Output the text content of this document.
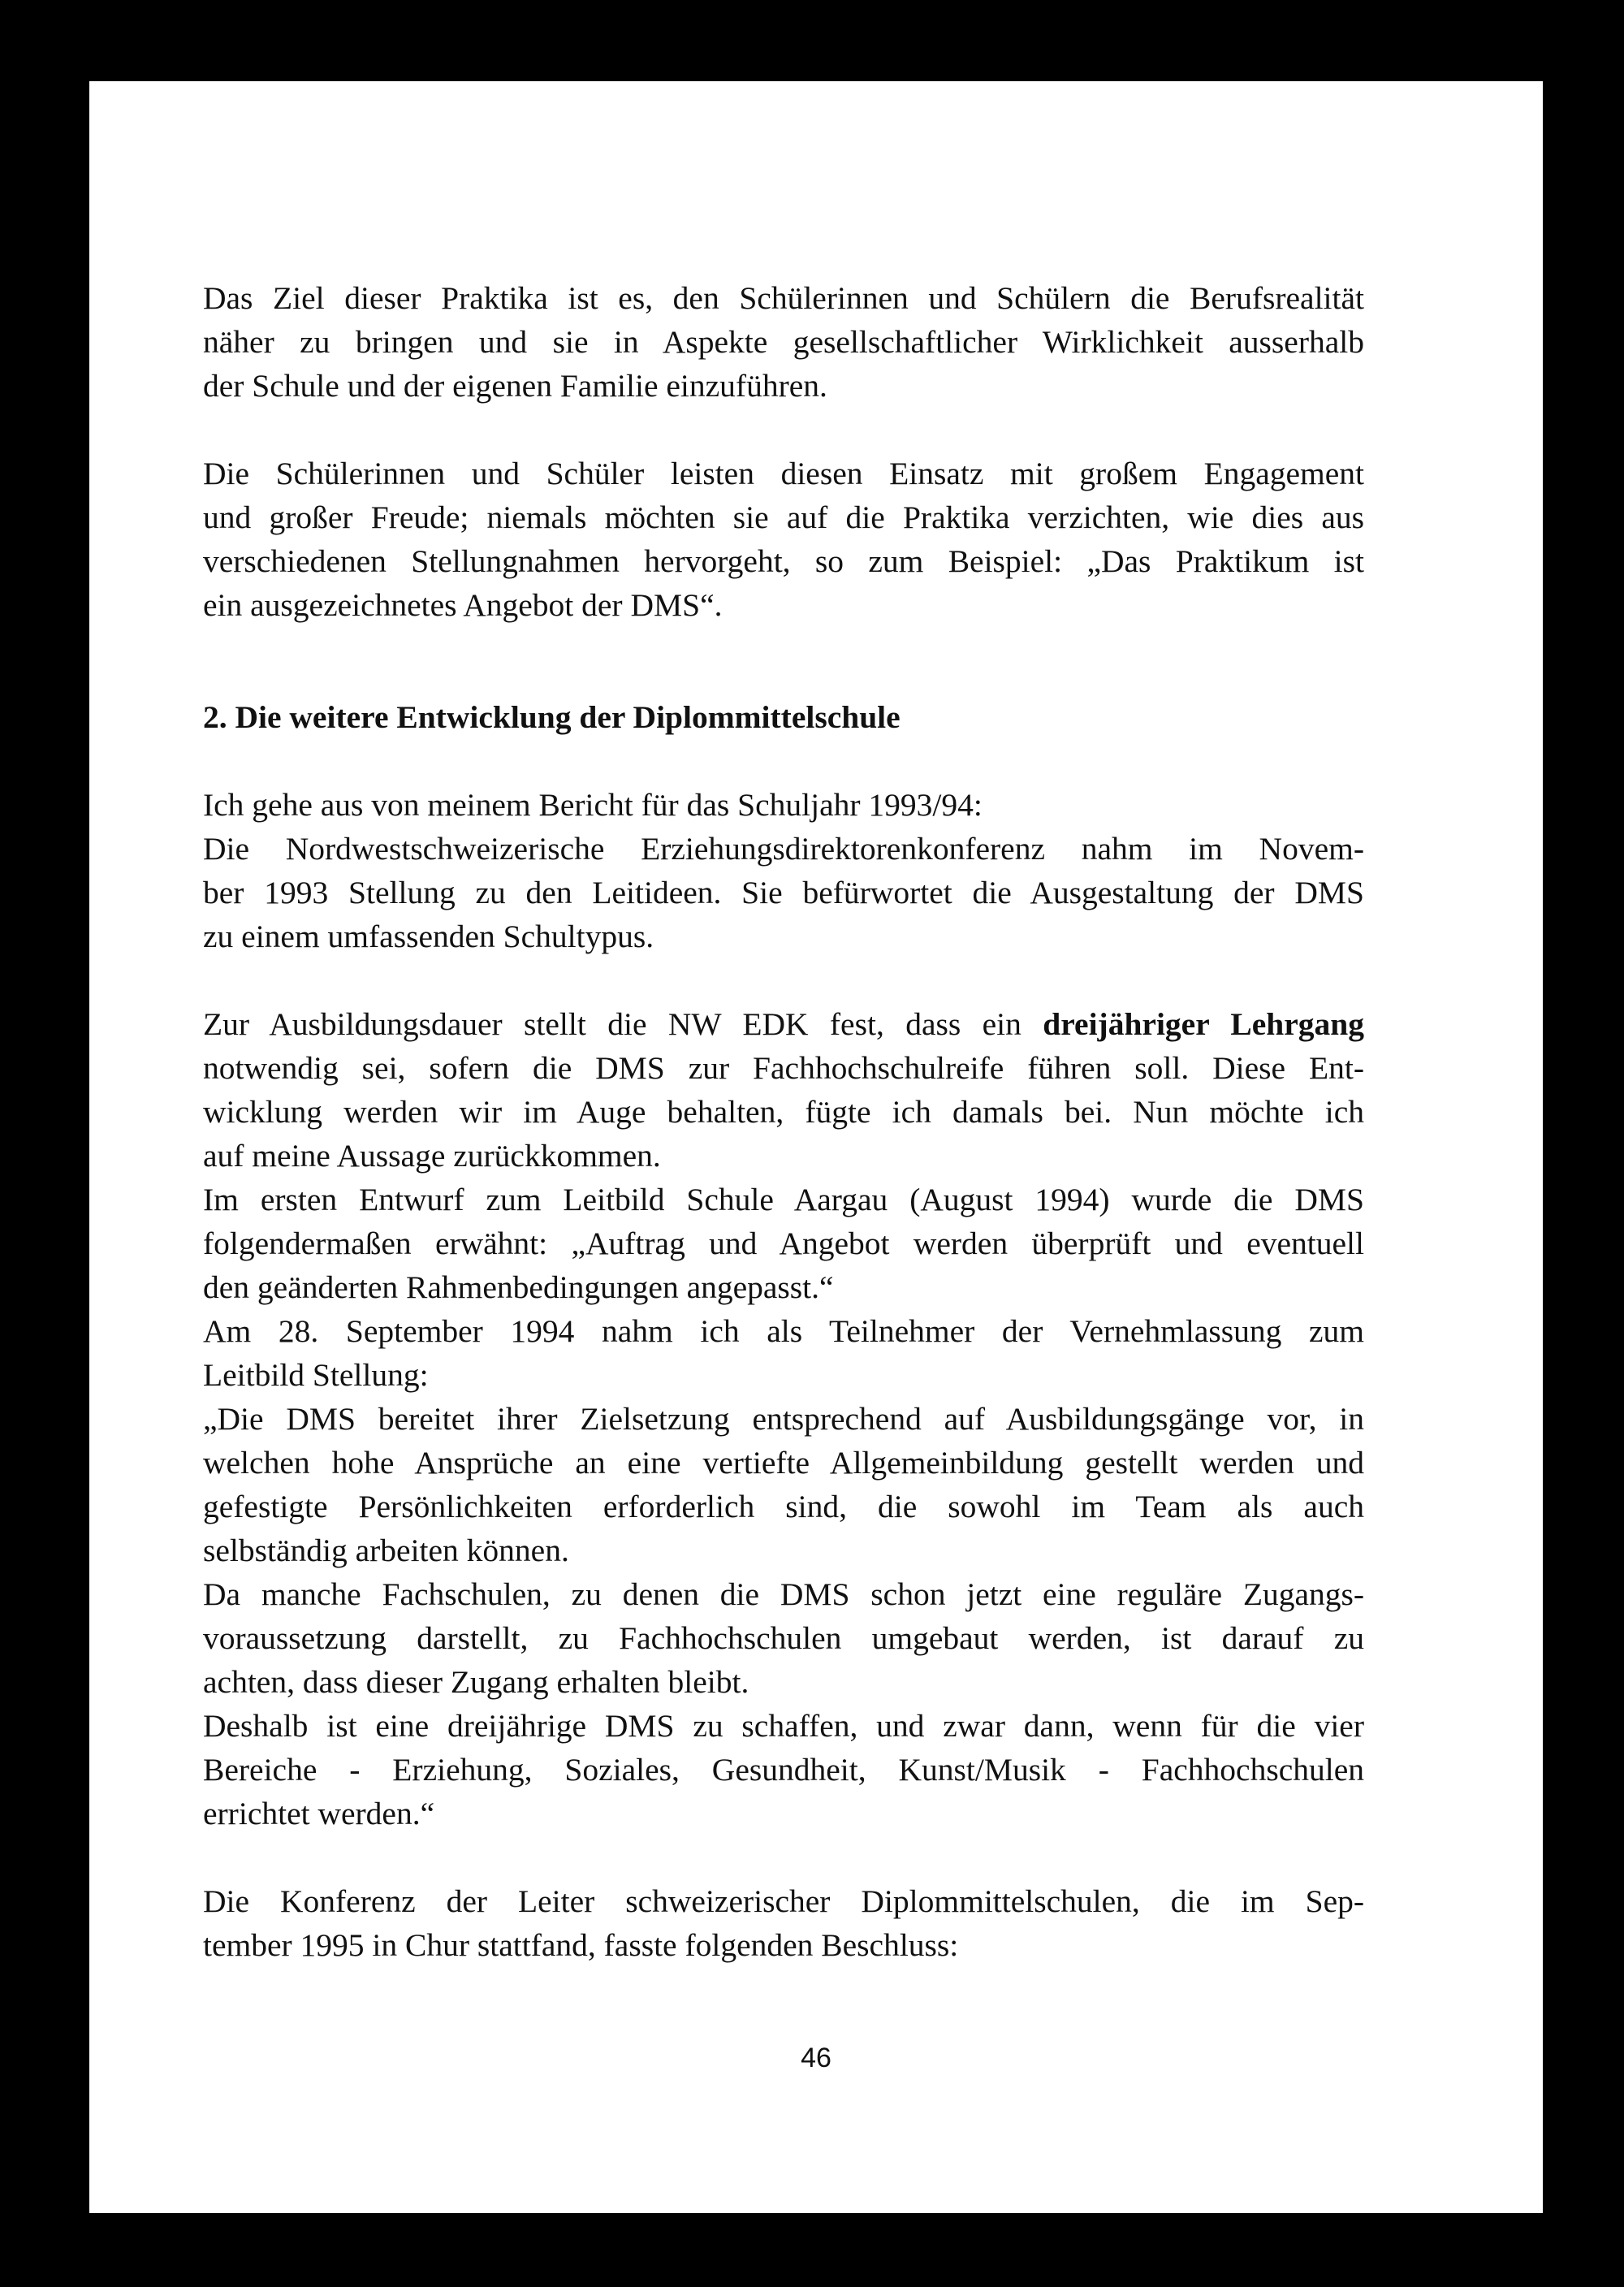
Das Ziel dieser Praktika ist es, den Schülerinnen und Schülern die Berufsrealität
näher zu bringen und sie in Aspekte gesellschaftlicher Wirklichkeit ausserhalb
der Schule und der eigenen Familie einzuführen.

Die Schülerinnen und Schüler leisten diesen Einsatz mit großem Engagement
und großer Freude; niemals möchten sie auf die Praktika verzichten, wie dies aus
verschiedenen Stellungnahmen hervorgeht, so zum Beispiel: „Das Praktikum ist
ein ausgezeichnetes Angebot der DMS“.

2. Die weitere Entwicklung der Diplommittelschule

Ich gehe aus von meinem Bericht für das Schuljahr 1993/94:
Die Nordwestschweizerische Erziehungsdirektorenkonferenz nahm im Novem-
ber 1993 Stellung zu den Leitideen. Sie befürwortet die Ausgestaltung der DMS
zu einem umfassenden Schultypus.

Zur Ausbildungsdauer stellt die NW EDK fest, dass ein dreijähriger Lehrgang
notwendig sei, sofern die DMS zur Fachhochschulreife führen soll. Diese Ent-
wicklung werden wir im Auge behalten, fügte ich damals bei. Nun möchte ich
auf meine Aussage zurückkommen.
Im ersten Entwurf zum Leitbild Schule Aargau (August 1994) wurde die DMS
folgendermaßen erwähnt: „Auftrag und Angebot werden überprüft und eventuell
den geänderten Rahmenbedingungen angepasst.“
Am 28. September 1994 nahm ich als Teilnehmer der Vernehmlassung zum
Leitbild Stellung:
„Die DMS bereitet ihrer Zielsetzung entsprechend auf Ausbildungsgänge vor, in
welchen hohe Ansprüche an eine vertiefte Allgemeinbildung gestellt werden und
gefestigte Persönlichkeiten erforderlich sind, die sowohl im Team als auch
selbständig arbeiten können.
Da manche Fachschulen, zu denen die DMS schon jetzt eine reguläre Zugangs-
voraussetzung darstellt, zu Fachhochschulen umgebaut werden, ist darauf zu
achten, dass dieser Zugang erhalten bleibt.
Deshalb ist eine dreijährige DMS zu schaffen, und zwar dann, wenn für die vier
Bereiche - Erziehung, Soziales, Gesundheit, Kunst/Musik - Fachhochschulen
errichtet werden.“

Die Konferenz der Leiter schweizerischer Diplommittelschulen, die im Sep-
tember 1995 in Chur stattfand, fasste folgenden Beschluss:

46
